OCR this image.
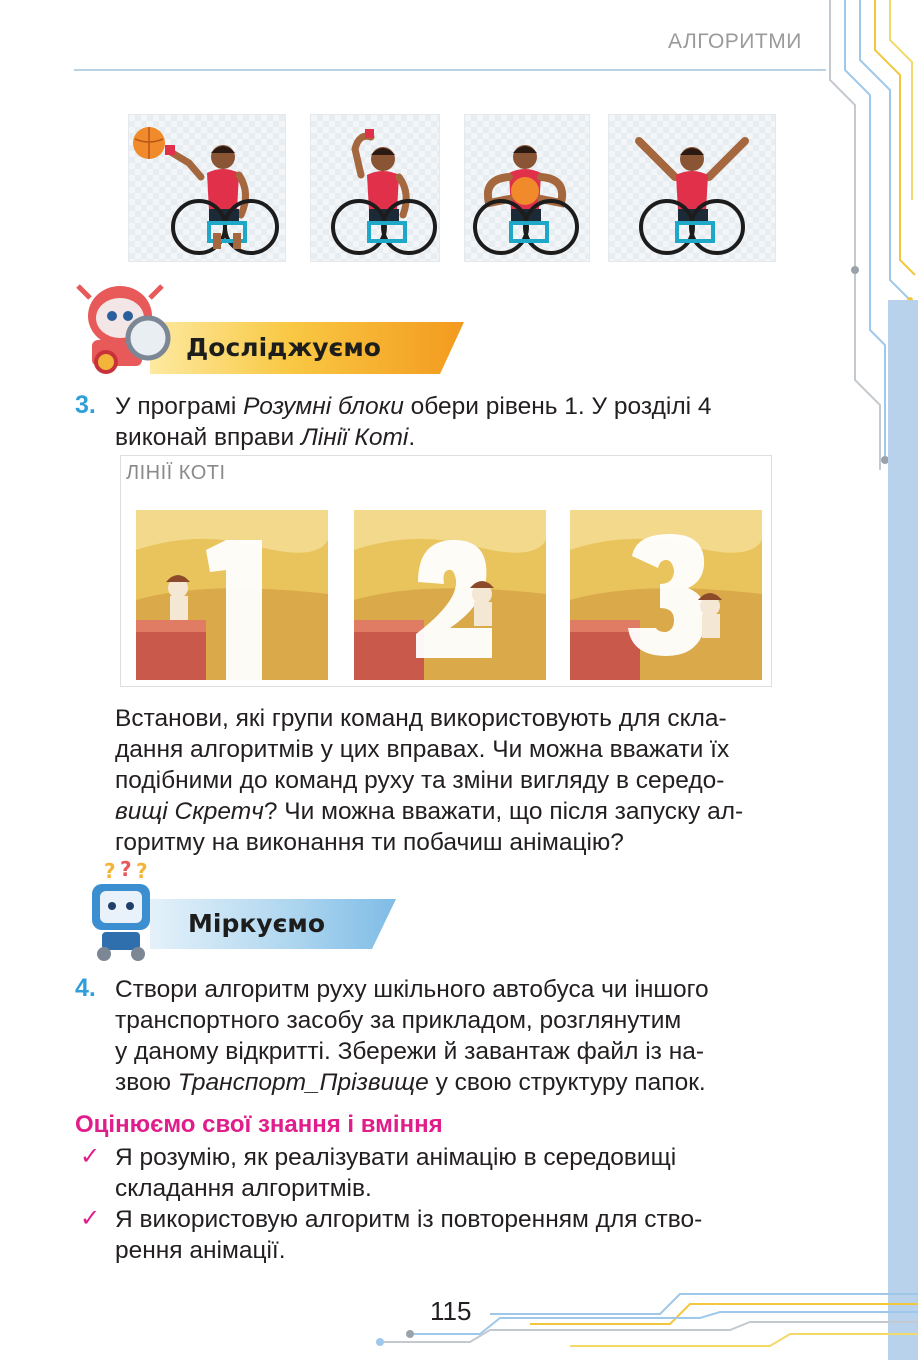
АЛГОРИТМИ
Досліджуємо
3. У програмі Розумні блоки обери рівень 1. У розділі 4

виконай вправи Лінії Коті.

ЛІНІЇ КОТІ

Встанови, які групи команд використовують для скла-

дання алгоритмів у цих вправах. Чи можна вважати їх

подібними до команд руху та зміни вигляду в середо-

вищі Скретч? Чи можна вважати, що після запуску ал-

горитму на виконання ти побачиш анімацію?

Міркуємо
? ? ?
4. Створи алгоритм руху шкільного автобуса чи іншого

транспортного засобу за прикладом, розглянутим

у даному відкритті. Збережи й завантаж файл із на-

звою Транспорт_Прізвище у свою структуру папок.

Оцінюємо свої знання і вміння
✓ Я розумію, як реалізувати анімацію в середовищі

складання алгоритмів.

✓ Я використовую алгоритм із повторенням для ство-

рення анімації.

115
